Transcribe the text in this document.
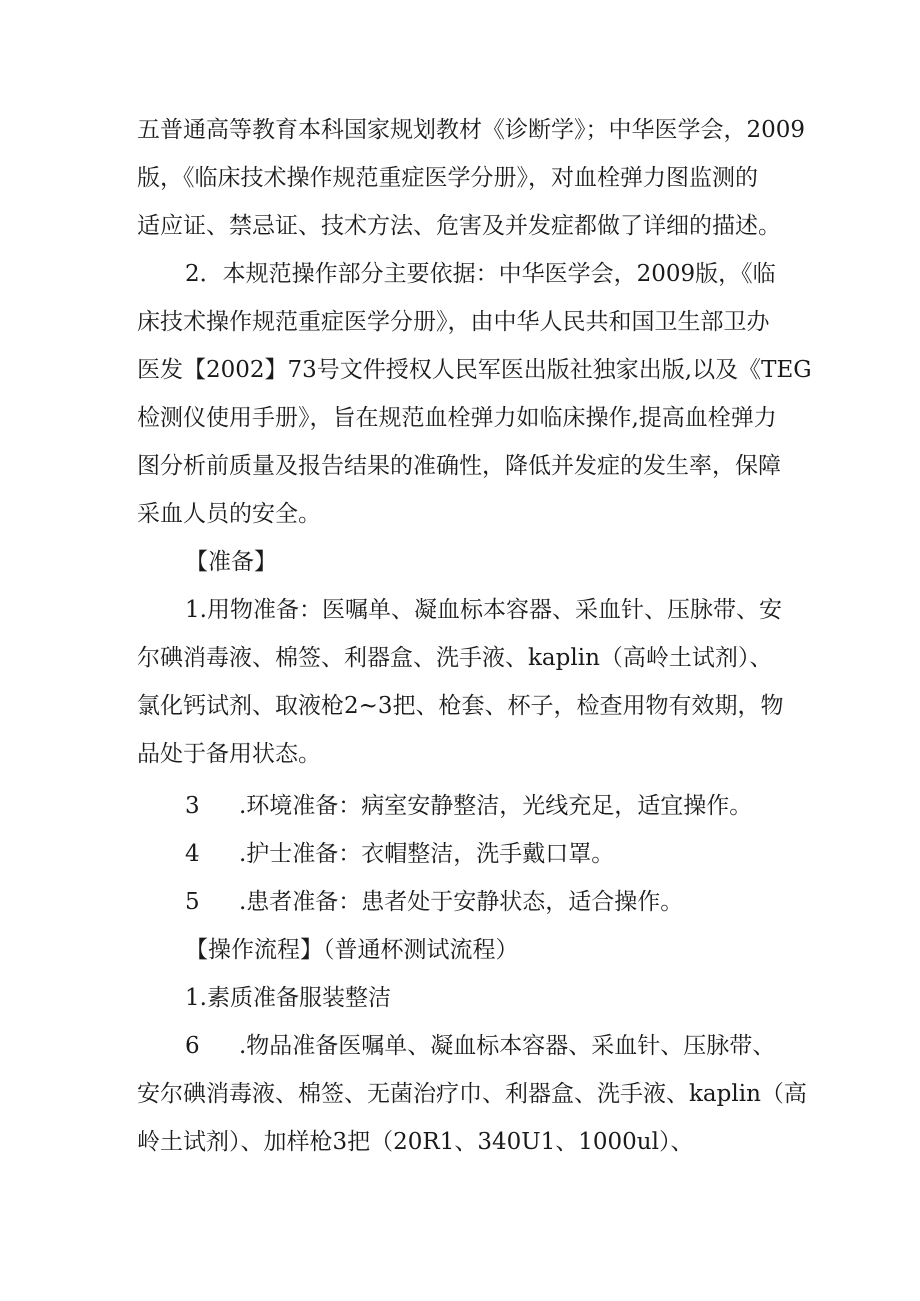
五普通高等教育本科国家规划教材《诊断学》；中华医学会，2009
版，《临床技术操作规范重症医学分册》，对血栓弹力图监测的
适应证、禁忌证、技术方法、危害及并发症都做了详细的描述。
2．本规范操作部分主要依据：中华医学会，2009版，《临
床技术操作规范重症医学分册》，由中华人民共和国卫生部卫办
医发【2002】73号文件授权人民军医出版社独家出版,以及《TEG
检测仪使用手册》，旨在规范血栓弹力如临床操作,提高血栓弹力
图分析前质量及报告结果的准确性，降低并发症的发生率，保障
采血人员的安全。
【准备】
1.用物准备：医嘱单、凝血标本容器、采血针、压脉带、安
尔碘消毒液、棉签、利器盒、洗手液、kaplin（高岭土试剂）、
氯化钙试剂、取液枪2~3把、枪套、杯子，检查用物有效期，物
品处于备用状态。
3 .环境准备：病室安静整洁，光线充足，适宜操作。
4 .护士准备：衣帽整洁，洗手戴口罩。
5 .患者准备：患者处于安静状态，适合操作。
【操作流程】（普通杯测试流程）
1.素质准备服装整洁
6 .物品准备医嘱单、凝血标本容器、采血针、压脉带、
安尔碘消毒液、棉签、无菌治疗巾、利器盒、洗手液、kaplin（高
岭土试剂）、加样枪3把（20R1、340U1、1000ul）、
